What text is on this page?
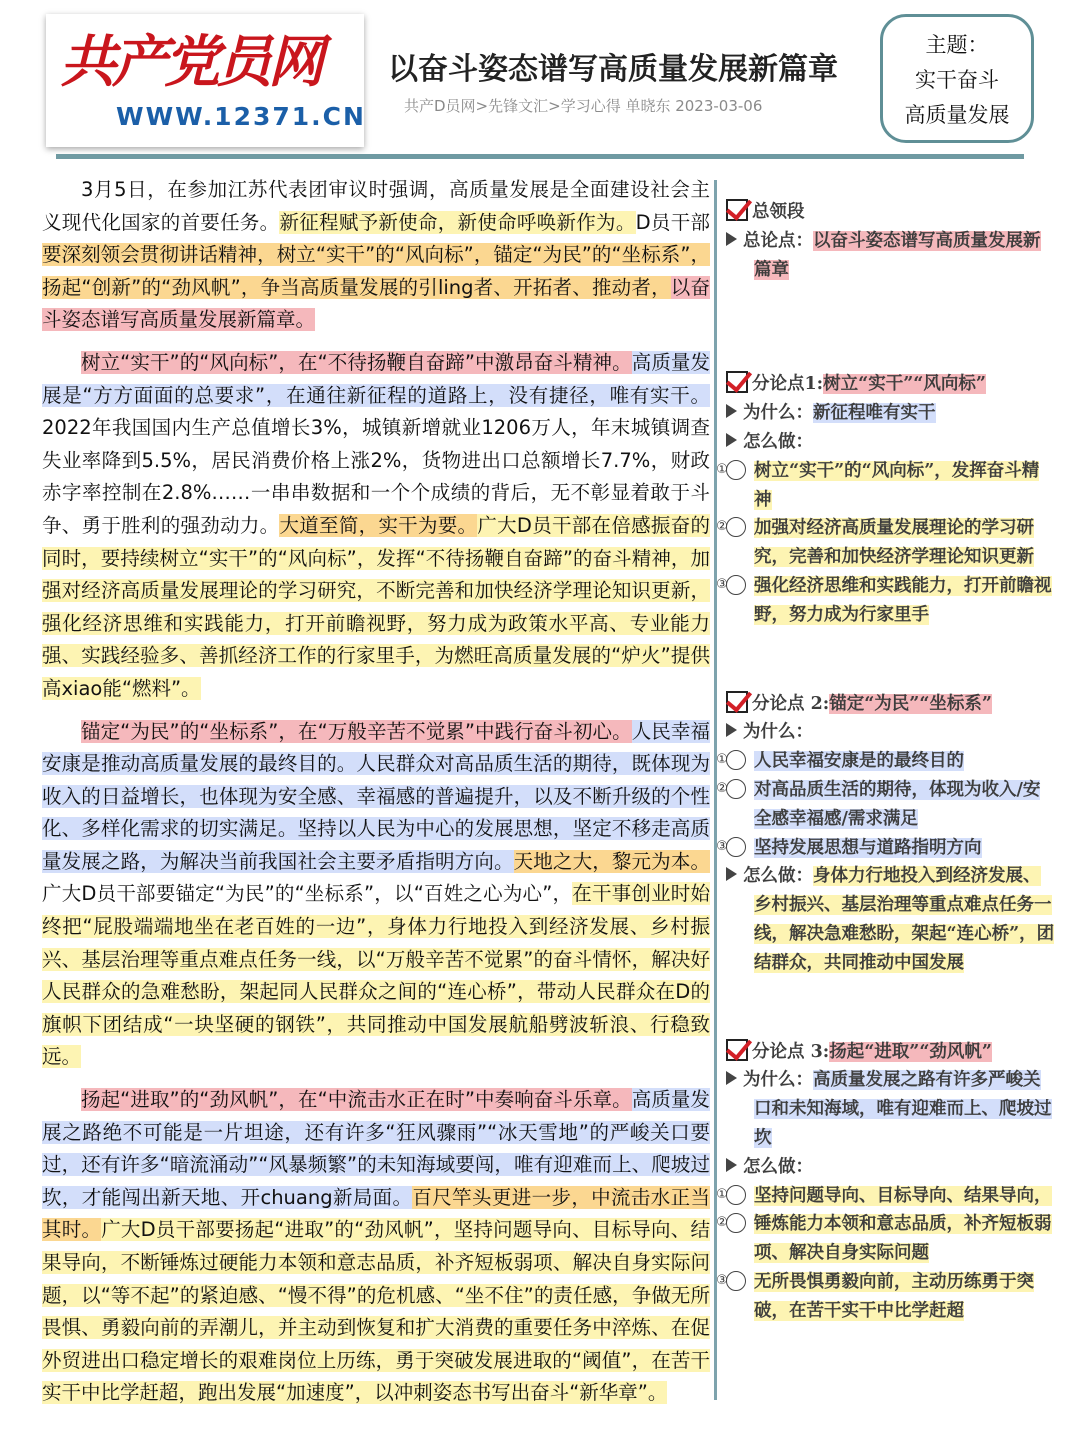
共产党员网
WWW.12371.CN
以奋斗姿态谱写高质量发展新篇章
共产D员网>先锋文汇>学习心得 单晓东 2023-03-06
主题：
实干奋斗
高质量发展

3月5日，在参加江苏代表团审议时强调，高质量发展是全面建设社会主义现代化国家的首要任务。新征程赋予新使命，新使命呼唤新作为。D员干部要深刻领会贯彻讲话精神，树立“实干”的“风向标”，锚定“为民”的“坐标系”，扬起“创新”的“劲风帆”，争当高质量发展的引ling者、开拓者、推动者，以奋斗姿态谱写高质量发展新篇章。

树立“实干”的“风向标”，在“不待扬鞭自奋蹄”中激昂奋斗精神。高质量发展是“方方面面的总要求”，在通往新征程的道路上，没有捷径，唯有实干。2022年我国国内生产总值增长3%，城镇新增就业1206万人，年末城镇调查失业率降到5.5%，居民消费价格上涨2%，货物进出口总额增长7.7%，财政赤字率控制在2.8%……一串串数据和一个个成绩的背后，无不彰显着敢于斗争、勇于胜利的强劲动力。大道至简，实干为要。广大D员干部在倍感振奋的同时，要持续树立“实干”的“风向标”，发挥“不待扬鞭自奋蹄”的奋斗精神，加强对经济高质量发展理论的学习研究，不断完善和加快经济学理论知识更新，强化经济思维和实践能力，打开前瞻视野，努力成为政策水平高、专业能力强、实践经验多、善抓经济工作的行家里手，为燃旺高质量发展的“炉火”提供高xiao能“燃料”。

锚定“为民”的“坐标系”，在“万般辛苦不觉累”中践行奋斗初心。人民幸福安康是推动高质量发展的最终目的。人民群众对高品质生活的期待，既体现为收入的日益增长，也体现为安全感、幸福感的普遍提升，以及不断升级的个性化、多样化需求的切实满足。坚持以人民为中心的发展思想，坚定不移走高质量发展之路，为解决当前我国社会主要矛盾指明方向。天地之大，黎元为本。广大D员干部要锚定“为民”的“坐标系”，以“百姓之心为心”，在干事创业时始终把“屁股端端地坐在老百姓的一边”，身体力行地投入到经济发展、乡村振兴、基层治理等重点难点任务一线，以“万般辛苦不觉累”的奋斗情怀，解决好人民群众的急难愁盼，架起同人民群众之间的“连心桥”，带动人民群众在D的旗帜下团结成“一块坚硬的钢铁”，共同推动中国发展航船劈波斩浪、行稳致远。

扬起“进取”的“劲风帆”，在“中流击水正在时”中奏响奋斗乐章。高质量发展之路绝不可能是一片坦途，还有许多“狂风骤雨”“冰天雪地”的严峻关口要过，还有许多“暗流涌动”“风暴频繁”的未知海域要闯，唯有迎难而上、爬坡过坎，才能闯出新天地、开chuang新局面。百尺竿头更进一步，中流击水正当其时。广大D员干部要扬起“进取”的“劲风帆”，坚持问题导向、目标导向、结果导向，不断锤炼过硬能力本领和意志品质，补齐短板弱项、解决自身实际问题，以“等不起”的紧迫感、“慢不得”的危机感、“坐不住”的责任感，争做无所畏惧、勇毅向前的弄潮儿，并主动到恢复和扩大消费的重要任务中淬炼、在促外贸进出口稳定增长的艰难岗位上历练，勇于突破发展进取的“阈值”，在苦干实干中比学赶超，跑出发展“加速度”，以冲刺姿态书写出奋斗“新华章”。

总领段
总论点：以奋斗姿态谱写高质量发展新篇章
分论点1:树立“实干”“风向标”
为什么：新征程唯有实干
怎么做：
① 树立“实干”的“风向标”，发挥奋斗精神
② 加强对经济高质量发展理论的学习研究，完善和加快经济学理论知识更新
③ 强化经济思维和实践能力，打开前瞻视野，努力成为行家里手
分论点 2:锚定“为民”“坐标系”
为什么：
① 人民幸福安康是的最终目的
② 对高品质生活的期待，体现为收入/安全感幸福感/需求满足
③ 坚持发展思想与道路指明方向
怎么做：身体力行地投入到经济发展、乡村振兴、基层治理等重点难点任务一线，解决急难愁盼，架起“连心桥”，团结群众，共同推动中国发展
分论点 3:扬起“进取”“劲风帆”
为什么：高质量发展之路有许多严峻关口和未知海域，唯有迎难而上、爬坡过坎
怎么做：
① 坚持问题导向、目标导向、结果导向，
② 锤炼能力本领和意志品质，补齐短板弱项、解决自身实际问题
③ 无所畏惧勇毅向前，主动历练勇于突破，在苦干实干中比学赶超
